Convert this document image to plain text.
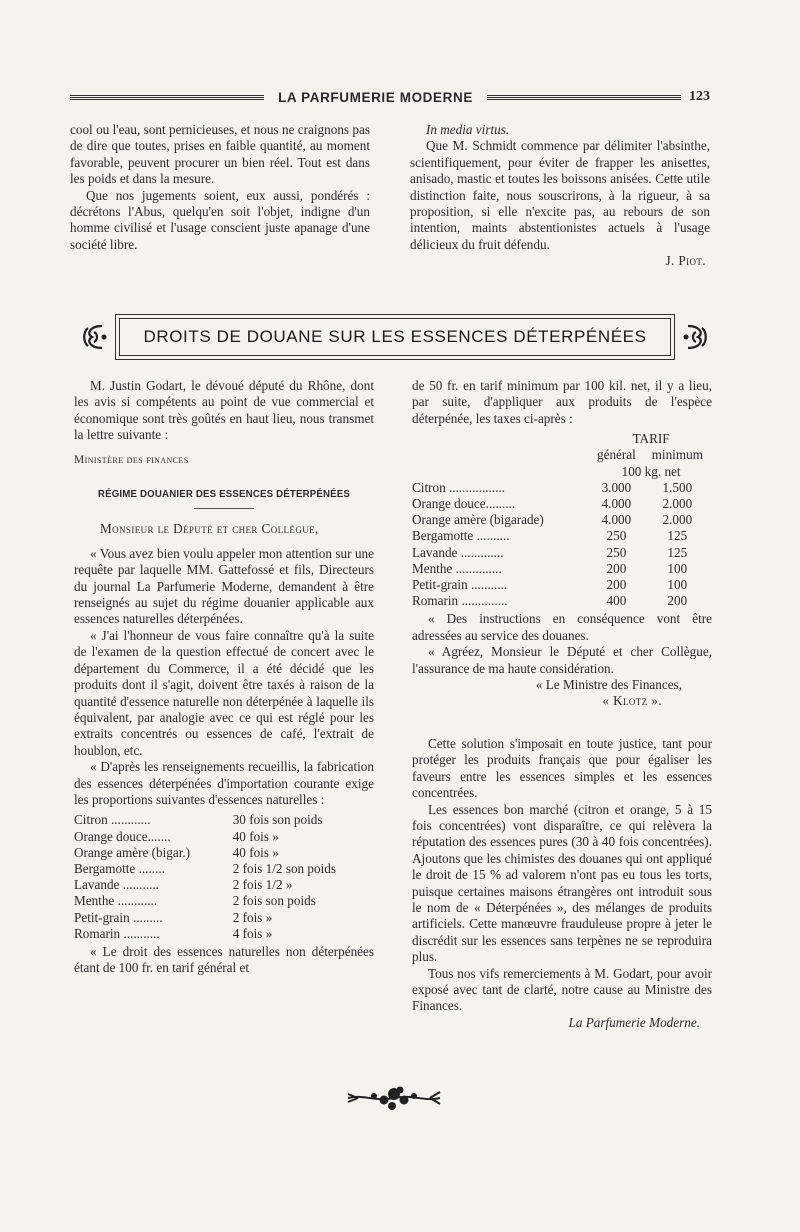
LA PARFUMERIE MODERNE	123

cool ou l'eau, sont pernicieuses, et nous ne craignons pas de dire que toutes, prises en faible quantité, au moment favorable, peuvent procurer un bien réel. Tout est dans les poids et dans la mesure.

Que nos jugements soient, eux aussi, pondérés : décrétons l'Abus, quelqu'en soit l'objet, indigne d'un homme civilisé et l'usage conscient juste apanage d'une société libre.

In media virtus.

Que M. Schmidt commence par délimiter l'absinthe, scientifiquement, pour éviter de frapper les anisettes, anisado, mastic et toutes les boissons anisées. Cette utile distinction faite, nous souscrirons, à la rigueur, à sa proposition, si elle n'excite pas, au rebours de son intention, maints abstentionistes actuels à l'usage délicieux du fruit défendu.

J. Piot.

DROITS DE DOUANE SUR LES ESSENCES DÉTERPÉNÉES

M. Justin Godart, le dévoué député du Rhône, dont les avis si compétents au point de vue commercial et économique sont très goûtés en haut lieu, nous transmet la lettre suivante :

Ministère des finances

RÉGIME DOUANIER DES ESSENCES DÉTERPÉNÉES

Monsieur le Député et cher Collègue,

« Vous avez bien voulu appeler mon attention sur une requête par laquelle MM. Gattefossé et fils, Directeurs du journal La Parfumerie Moderne, demandent à être renseignés au sujet du régime douanier applicable aux essences naturelles déterpénées.

« J'ai l'honneur de vous faire connaître qu'à la suite de l'examen de la question effectué de concert avec le département du Commerce, il a été décidé que les produits dont il s'agit, doivent être taxés à raison de la quantité d'essence naturelle non déterpénée à laquelle ils équivalent, par analogie avec ce qui est réglé pour les extraits concentrés ou essences de café, l'extrait de houblon, etc.

« D'après les renseignements recueillis, la fabrication des essences déterpénées d'importation courante exige les proportions suivantes d'essences naturelles :

Citron ............	30 fois son poids
Orange douce.......	40 fois »
Orange amère (bigar.)	40 fois »
Bergamotte ........	2 fois 1/2 son poids
Lavande ...........	2 fois 1/2 »
Menthe ............	2 fois son poids
Petit-grain .........	2 fois »
Romarin ...........	4 fois »

« Le droit des essences naturelles non déterpénées étant de 100 fr. en tarif général et

de 50 fr. en tarif minimum par 100 kil. net, il y a lieu, par suite, d'appliquer aux produits de l'espèce déterpénée, les taxes ci-après :

	TARIF	
	général	minimum
	100 kg. net	
Citron .................	3.000	1.500
Orange douce.........	4.000	2.000
Orange amère (bigarade)	4.000	2.000
Bergamotte ..........	250	125
Lavande .............	250	125
Menthe ..............	200	100
Petit-grain ...........	200	100
Romarin ..............	400	200

« Des instructions en conséquence vont être adressées au service des douanes.

« Agréez, Monsieur le Député et cher Collègue, l'assurance de ma haute considération.

« Le Ministre des Finances,

« Klotz ».

Cette solution s'imposait en toute justice, tant pour protéger les produits français que pour égaliser les faveurs entre les essences simples et les essences concentrées.

Les essences bon marché (citron et orange, 5 à 15 fois concentrées) vont disparaître, ce qui relèvera la réputation des essences pures (30 à 40 fois concentrées). Ajoutons que les chimistes des douanes qui ont appliqué le droit de 15 % ad valorem n'ont pas eu tous les torts, puisque certaines maisons étrangères ont introduit sous le nom de « Déterpénées », des mélanges de produits artificiels. Cette manœuvre frauduleuse propre à jeter le discrédit sur les essences sans terpènes ne se reproduira plus.

Tous nos vifs remerciements à M. Godart, pour avoir exposé avec tant de clarté, notre cause au Ministre des Finances.

La Parfumerie Moderne.
